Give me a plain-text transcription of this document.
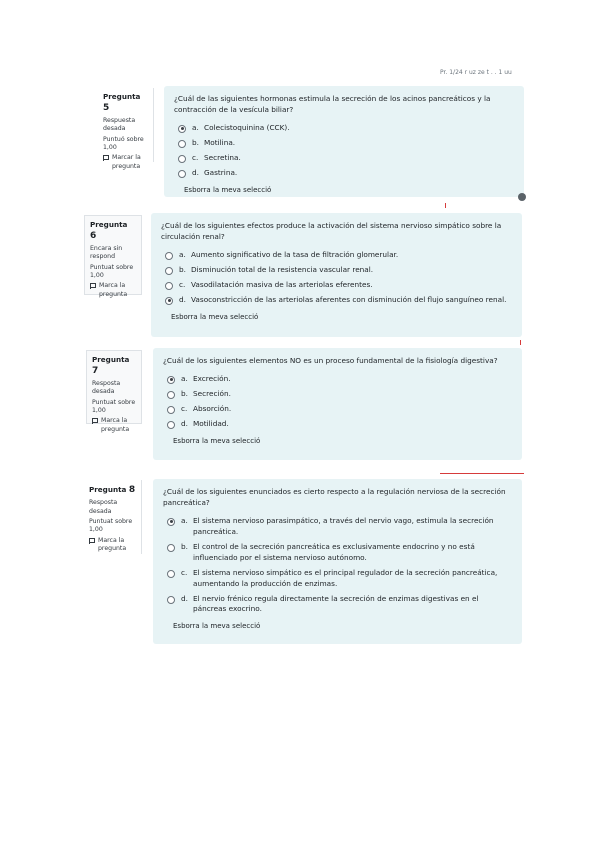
Pr. 1/24 r uz ze t . . 1 uu
Pregunta 5
Respuesta desada
Puntuó sobre 1,00
Marcar la pregunta
¿Cuál de las siguientes hormonas estimula la secreción de los acinos pancreáticos y la contracción de la vesícula biliar?
a. Colecistoquinina (CCK).
b. Motilina.
c. Secretina.
d. Gastrina.
Esborra la meva selecció
Pregunta 6
Encara sin respond
Puntuat sobre 1,00
Marca la pregunta
¿Cuál de los siguientes efectos produce la activación del sistema nervioso simpático sobre la circulación renal?
a. Aumento significativo de la tasa de filtración glomerular.
b. Disminución total de la resistencia vascular renal.
c. Vasodilatación masiva de las arteriolas eferentes.
d. Vasoconstricción de las arteriolas aferentes con disminución del flujo sanguíneo renal.
Esborra la meva selecció
Pregunta 7
Resposta desada
Puntuat sobre 1,00
Marca la pregunta
¿Cuál de los siguientes elementos NO es un proceso fundamental de la fisiología digestiva?
a. Excreción.
b. Secreción.
c. Absorción.
d. Motilidad.
Esborra la meva selecció
Pregunta 8
Resposta desada
Puntuat sobre 1,00
Marca la pregunta
¿Cuál de los siguientes enunciados es cierto respecto a la regulación nerviosa de la secreción pancreática?
a. El sistema nervioso parasimpático, a través del nervio vago, estimula la secreción pancreática.
b. El control de la secreción pancreática es exclusivamente endocrino y no está influenciado por el sistema nervioso autónomo.
c. El sistema nervioso simpático es el principal regulador de la secreción pancreática, aumentando la producción de enzimas.
d. El nervio frénico regula directamente la secreción de enzimas digestivas en el páncreas exocrino.
Esborra la meva selecció
